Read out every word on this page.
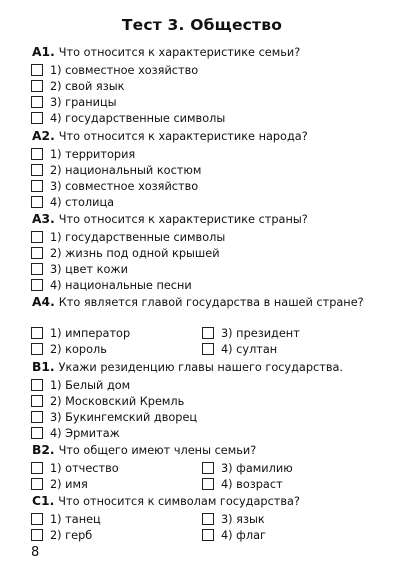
Тест 3. Общество
A1. Что относится к характеристике семьи?
1) совместное хозяйство
2) свой язык
3) границы
4) государственные символы
A2. Что относится к характеристике народа?
1) территория
2) национальный костюм
3) совместное хозяйство
4) столица
A3. Что относится к характеристике страны?
1) государственные символы
2) жизнь под одной крышей
3) цвет кожи
4) национальные песни
A4. Кто является главой государства в нашей стране?
1) император	3) президент
2) король	4) султан
B1. Укажи резиденцию главы нашего государства.
1) Белый дом
2) Московский Кремль
3) Букингемский дворец
4) Эрмитаж
B2. Что общего имеют члены семьи?
1) отчество	3) фамилию
2) имя	4) возраст
C1. Что относится к символам государства?
1) танец	3) язык
2) герб	4) флаг
8
